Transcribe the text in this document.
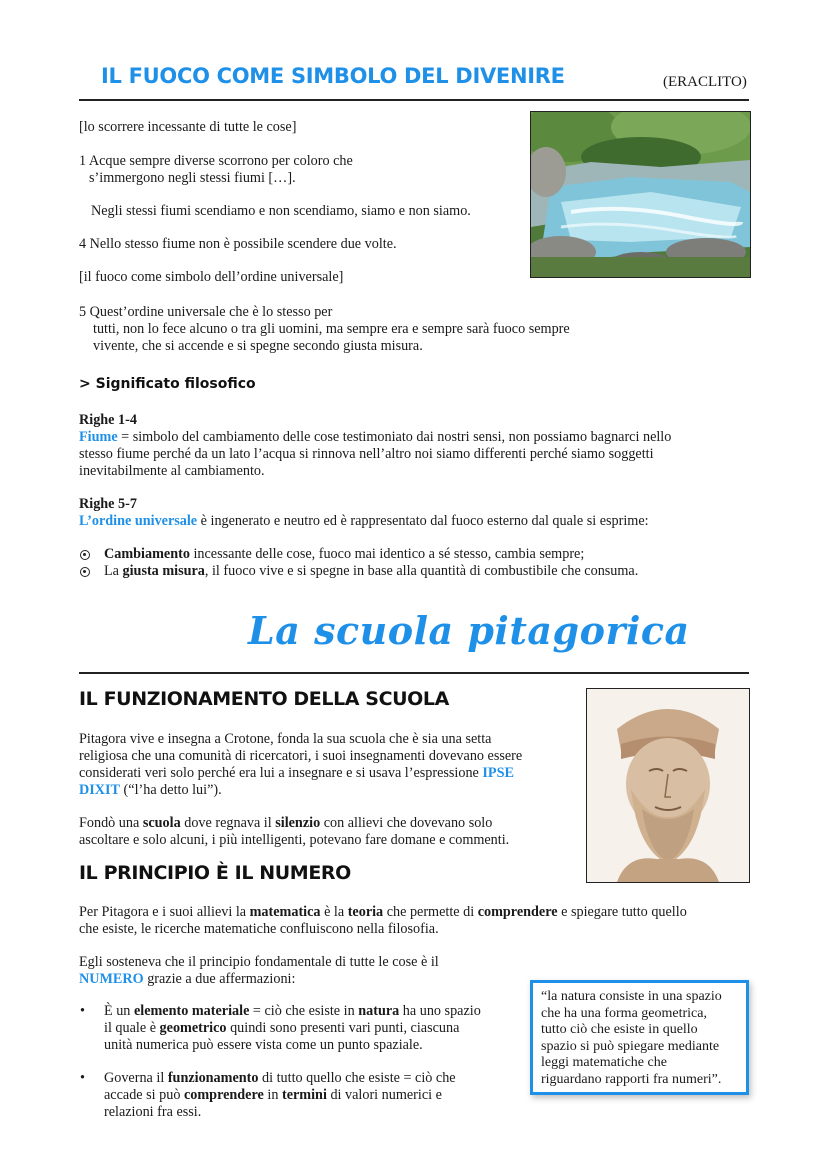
IL FUOCO COME SIMBOLO DEL DIVENIRE	(ERACLITO)
[lo scorrere incessante di tutte le cose]
1 Acque sempre diverse scorrono per coloro che
s’immergono negli stessi fiumi […].
Negli stessi fiumi scendiamo e non scendiamo, siamo e non siamo.
4 Nello stesso fiume non è possibile scendere due volte.
[il fuoco come simbolo dell’ordine universale]
5 Quest’ordine universale che è lo stesso per
tutti, non lo fece alcuno o tra gli uomini, ma sempre era e sempre sarà fuoco sempre
vivente, che si accende e si spegne secondo giusta misura.
> Significato filosofico
Righe 1-4
Fiume = simbolo del cambiamento delle cose testimoniato dai nostri sensi, non possiamo bagnarci nello
stesso fiume perché da un lato l’acqua si rinnova nell’altro noi siamo differenti perché siamo soggetti
inevitabilmente al cambiamento.
Righe 5-7
L’ordine universale è ingenerato e neutro ed è rappresentato dal fuoco esterno dal quale si esprime:
Cambiamento incessante delle cose, fuoco mai identico a sé stesso, cambia sempre;
La giusta misura, il fuoco vive e si spegne in base alla quantità di combustibile che consuma.
La scuola pitagorica
IL FUNZIONAMENTO DELLA SCUOLA
Pitagora vive e insegna a Crotone, fonda la sua scuola che è sia una setta
religiosa che una comunità di ricercatori, i suoi insegnamenti dovevano essere
considerati veri solo perché era lui a insegnare e si usava l’espressione IPSE
DIXIT (“l’ha detto lui”).
Fondò una scuola dove regnava il silenzio con allievi che dovevano solo
ascoltare e solo alcuni, i più intelligenti, potevano fare domane e commenti.
IL PRINCIPIO È IL NUMERO
Per Pitagora e i suoi allievi la matematica è la teoria che permette di comprendere e spiegare tutto quello
che esiste, le ricerche matematiche confluiscono nella filosofia.
Egli sosteneva che il principio fondamentale di tutte le cose è il
NUMERO grazie a due affermazioni:
• È un elemento materiale = ciò che esiste in natura ha uno spazio
il quale è geometrico quindi sono presenti vari punti, ciascuna
unità numerica può essere vista come un punto spaziale.
• Governa il funzionamento di tutto quello che esiste = ciò che
accade si può comprendere in termini di valori numerici e
relazioni fra essi.
“la natura consiste in una spazio
che ha una forma geometrica,
tutto ciò che esiste in quello
spazio si può spiegare mediante
leggi matematiche che
riguardano rapporti fra numeri”.
